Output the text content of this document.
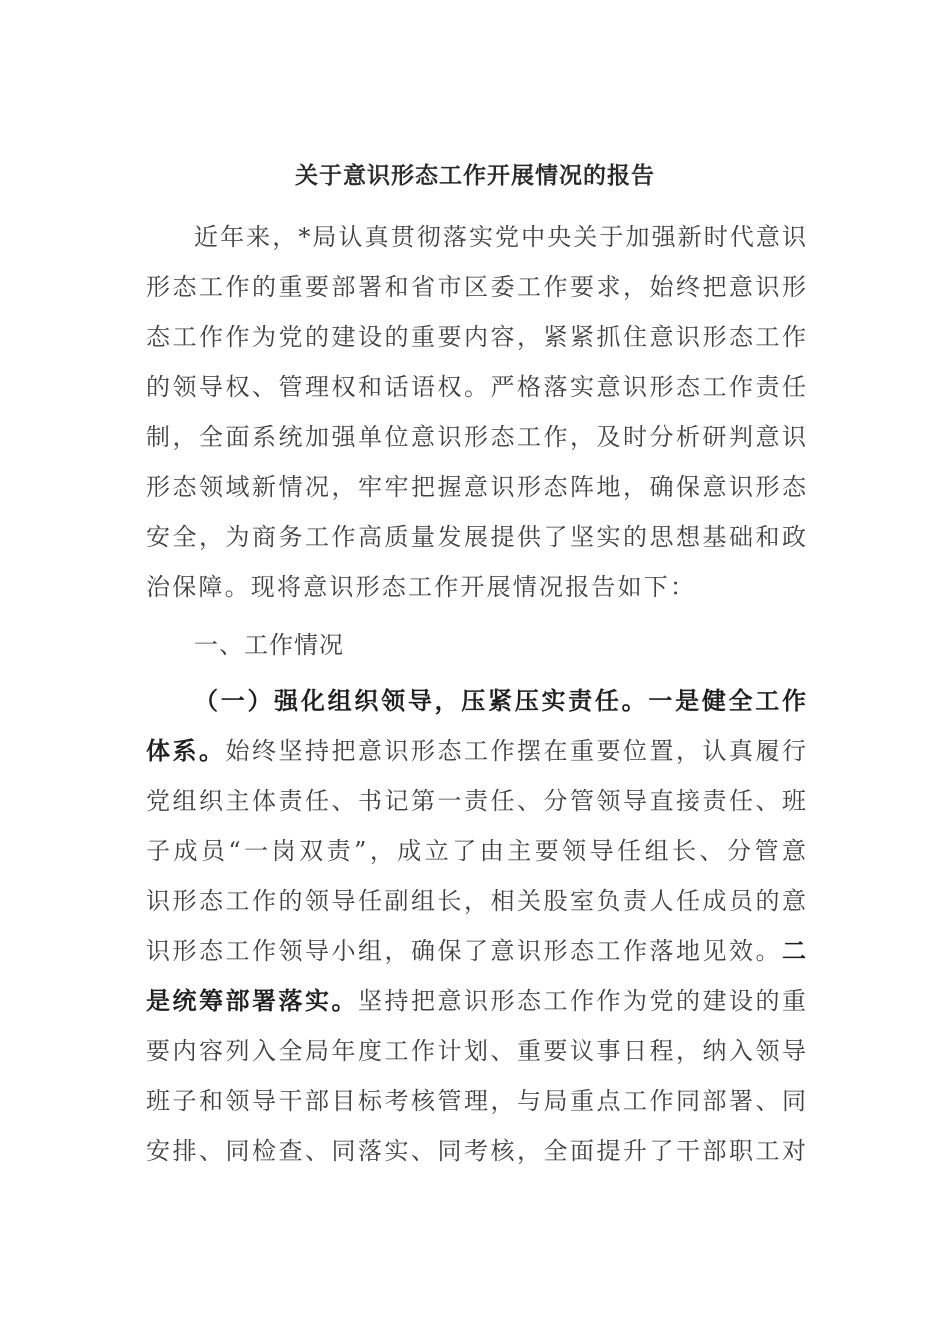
关于意识形态工作开展情况的报告
近年来，*局认真贯彻落实党中央关于加强新时代意识
形态工作的重要部署和省市区委工作要求，始终把意识形
态工作作为党的建设的重要内容，紧紧抓住意识形态工作
的领导权、管理权和话语权。严格落实意识形态工作责任
制，全面系统加强单位意识形态工作，及时分析研判意识
形态领域新情况，牢牢把握意识形态阵地，确保意识形态
安全，为商务工作高质量发展提供了坚实的思想基础和政
治保障。现将意识形态工作开展情况报告如下：
一、工作情况
（一）强化组织领导，压紧压实责任。一是健全工作
体系。始终坚持把意识形态工作摆在重要位置，认真履行
党组织主体责任、书记第一责任、分管领导直接责任、班
子成员“一岗双责”，成立了由主要领导任组长、分管意
识形态工作的领导任副组长，相关股室负责人任成员的意
识形态工作领导小组，确保了意识形态工作落地见效。二
是统筹部署落实。坚持把意识形态工作作为党的建设的重
要内容列入全局年度工作计划、重要议事日程，纳入领导
班子和领导干部目标考核管理，与局重点工作同部署、同
安排、同检查、同落实、同考核，全面提升了干部职工对
